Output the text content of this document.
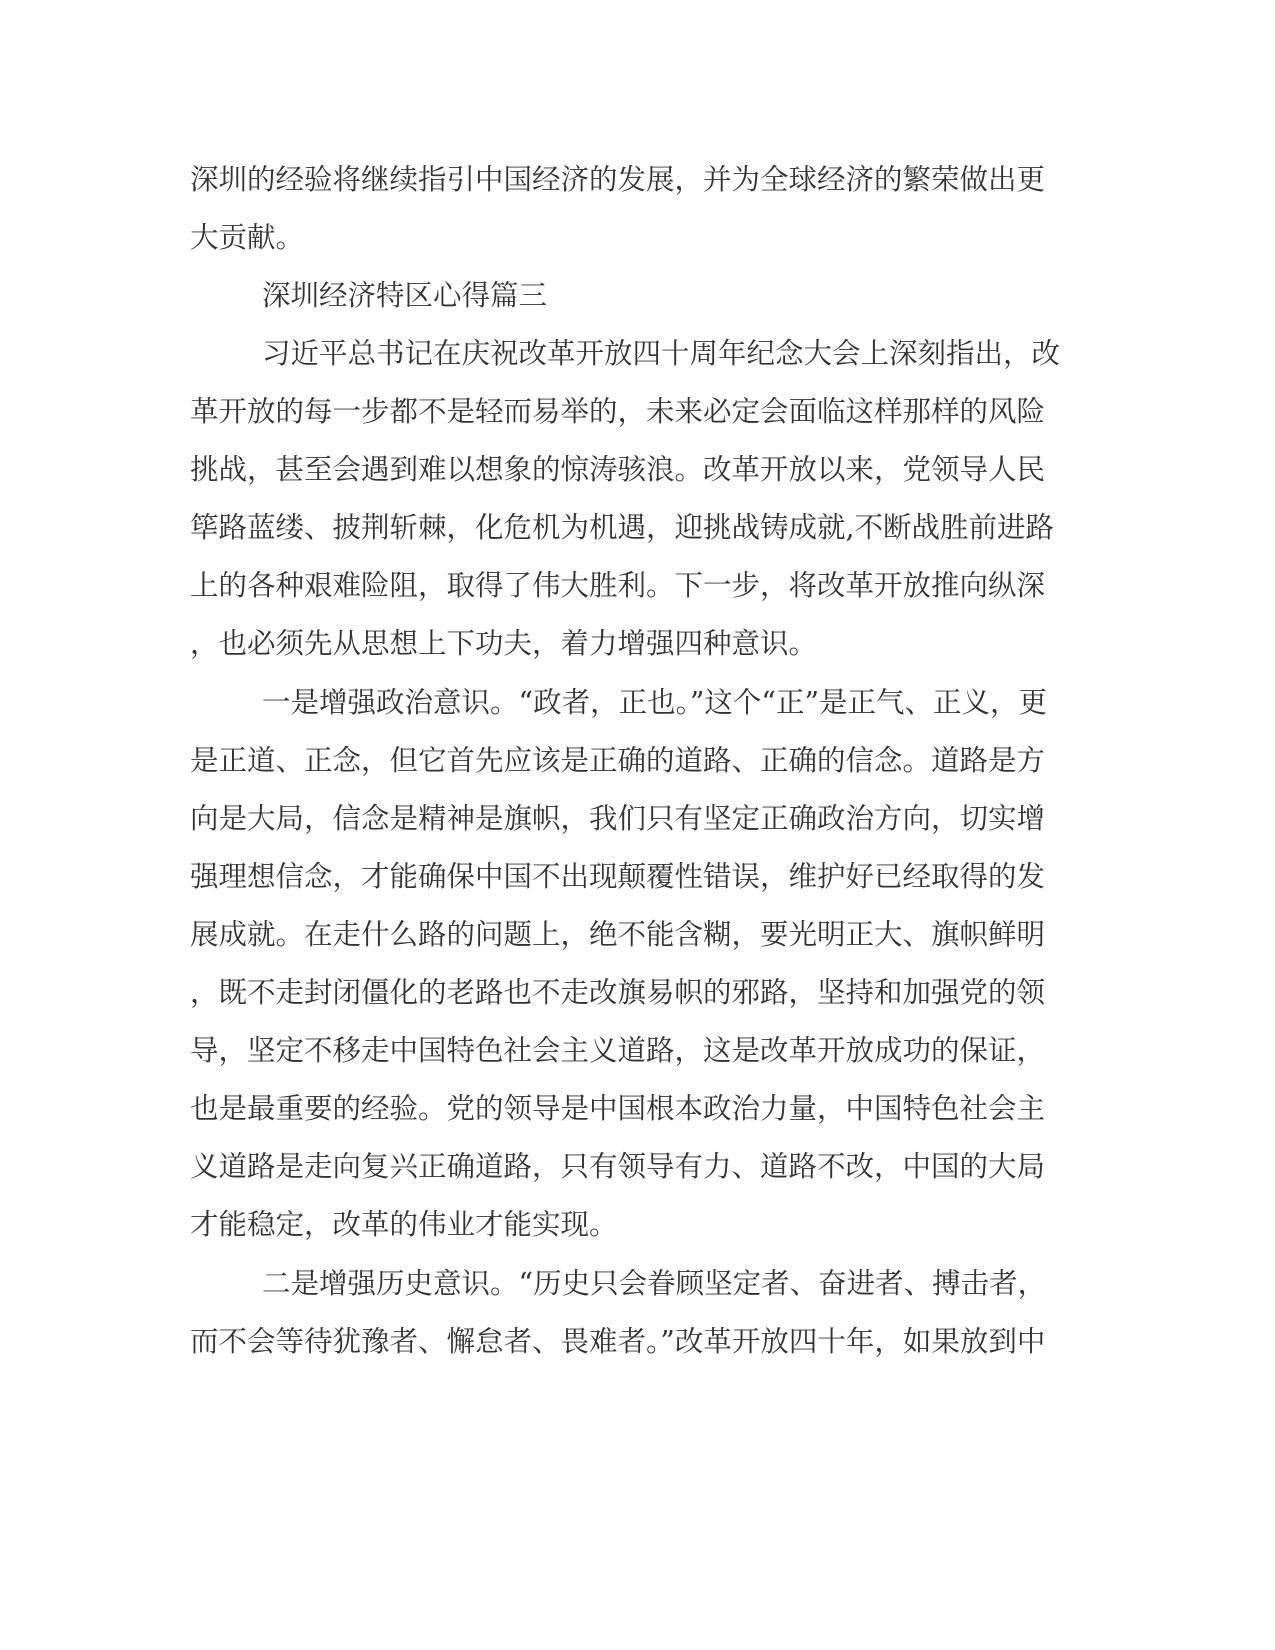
深圳的经验将继续指引中国经济的发展，并为全球经济的繁荣做出更

大贡献。

深圳经济特区心得篇三

习近平总书记在庆祝改革开放四十周年纪念大会上深刻指出，改

革开放的每一步都不是轻而易举的，未来必定会面临这样那样的风险

挑战，甚至会遇到难以想象的惊涛骇浪。改革开放以来，党领导人民

筚路蓝缕、披荆斩棘，化危机为机遇，迎挑战铸成就,不断战胜前进路

上的各种艰难险阻，取得了伟大胜利。下一步，将改革开放推向纵深

，也必须先从思想上下功夫，着力增强四种意识。

一是增强政治意识。“政者，正也。”这个“正”是正气、正义，更

是正道、正念，但它首先应该是正确的道路、正确的信念。道路是方

向是大局，信念是精神是旗帜，我们只有坚定正确政治方向，切实增

强理想信念，才能确保中国不出现颠覆性错误，维护好已经取得的发

展成就。在走什么路的问题上，绝不能含糊，要光明正大、旗帜鲜明

，既不走封闭僵化的老路也不走改旗易帜的邪路，坚持和加强党的领

导，坚定不移走中国特色社会主义道路，这是改革开放成功的保证，

也是最重要的经验。党的领导是中国根本政治力量，中国特色社会主

义道路是走向复兴正确道路，只有领导有力、道路不改，中国的大局

才能稳定，改革的伟业才能实现。

二是增强历史意识。“历史只会眷顾坚定者、奋进者、搏击者，

而不会等待犹豫者、懈怠者、畏难者。”改革开放四十年，如果放到中
